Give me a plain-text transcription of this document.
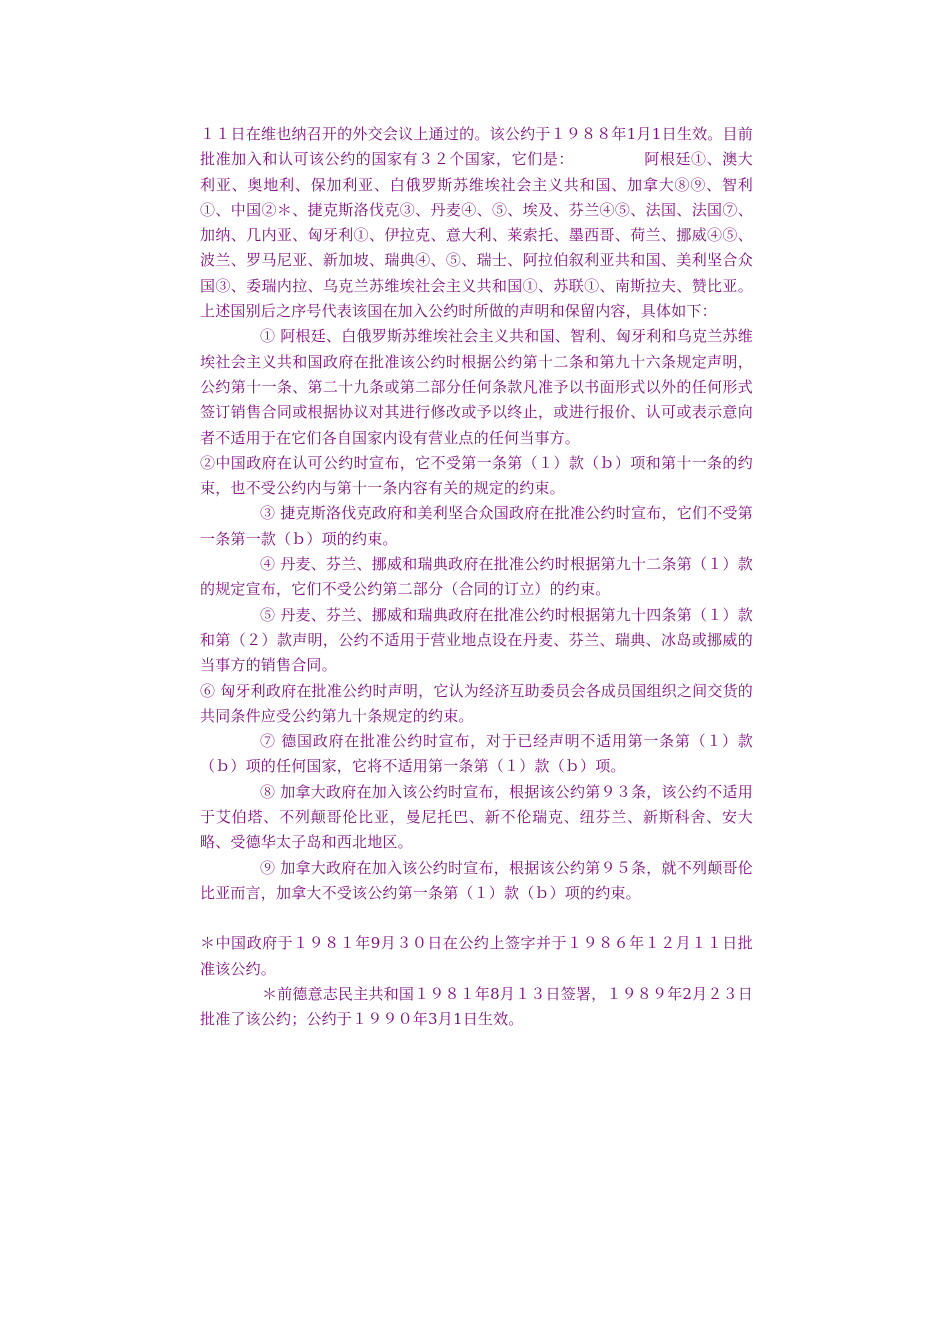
１１日在维也纳召开的外交会议上通过的。该公约于１９８８年1月1日生效。目前批准加入和认可该公约的国家有３２个国家，它们是：　　　　　阿根廷①、澳大利亚、奥地利、保加利亚、白俄罗斯苏维埃社会主义共和国、加拿大⑧⑨、智利①、中国②＊、捷克斯洛伐克③、丹麦④、⑤、埃及、芬兰④⑤、法国、法国⑦、加纳、几内亚、匈牙利①、伊拉克、意大利、莱索托、墨西哥、荷兰、挪威④⑤、波兰、罗马尼亚、新加坡、瑞典④、⑤、瑞士、阿拉伯叙利亚共和国、美利坚合众国③、委瑞内拉、乌克兰苏维埃社会主义共和国①、苏联①、南斯拉夫、赞比亚。上述国别后之序号代表该国在加入公约时所做的声明和保留内容，具体如下：

① 阿根廷、白俄罗斯苏维埃社会主义共和国、智利、匈牙利和乌克兰苏维埃社会主义共和国政府在批准该公约时根据公约第十二条和第九十六条规定声明，公约第十一条、第二十九条或第二部分任何条款凡准予以书面形式以外的任何形式签订销售合同或根据协议对其进行修改或予以终止，或进行报价、认可或表示意向者不适用于在它们各自国家内设有营业点的任何当事方。

②中国政府在认可公约时宣布，它不受第一条第（１）款（ｂ）项和第十一条的约束，也不受公约内与第十一条内容有关的规定的约束。

③ 捷克斯洛伐克政府和美利坚合众国政府在批准公约时宣布，它们不受第一条第一款（ｂ）项的约束。

④ 丹麦、芬兰、挪威和瑞典政府在批准公约时根据第九十二条第（１）款的规定宣布，它们不受公约第二部分（合同的订立）的约束。

⑤ 丹麦、芬兰、挪威和瑞典政府在批准公约时根据第九十四条第（１）款和第（２）款声明，公约不适用于营业地点设在丹麦、芬兰、瑞典、冰岛或挪威的当事方的销售合同。

⑥ 匈牙利政府在批准公约时声明，它认为经济互助委员会各成员国组织之间交货的共同条件应受公约第九十条规定的约束。

⑦ 德国政府在批准公约时宣布，对于已经声明不适用第一条第（１）款（ｂ）项的任何国家，它将不适用第一条第（１）款（ｂ）项。

⑧ 加拿大政府在加入该公约时宣布，根据该公约第９３条，该公约不适用于艾伯塔、不列颠哥伦比亚，曼尼托巴、新不伦瑞克、纽芬兰、新斯科舍、安大略、受德华太子岛和西北地区。

⑨ 加拿大政府在加入该公约时宣布，根据该公约第９５条，就不列颠哥伦比亚而言，加拿大不受该公约第一条第（１）款（ｂ）项的约束。

＊中国政府于１９８１年9月３０日在公约上签字并于１９８６年１２月１１日批准该公约。

＊前德意志民主共和国１９８１年8月１３日签署，１９８９年2月２３日批准了该公约；公约于１９９０年3月1日生效。
